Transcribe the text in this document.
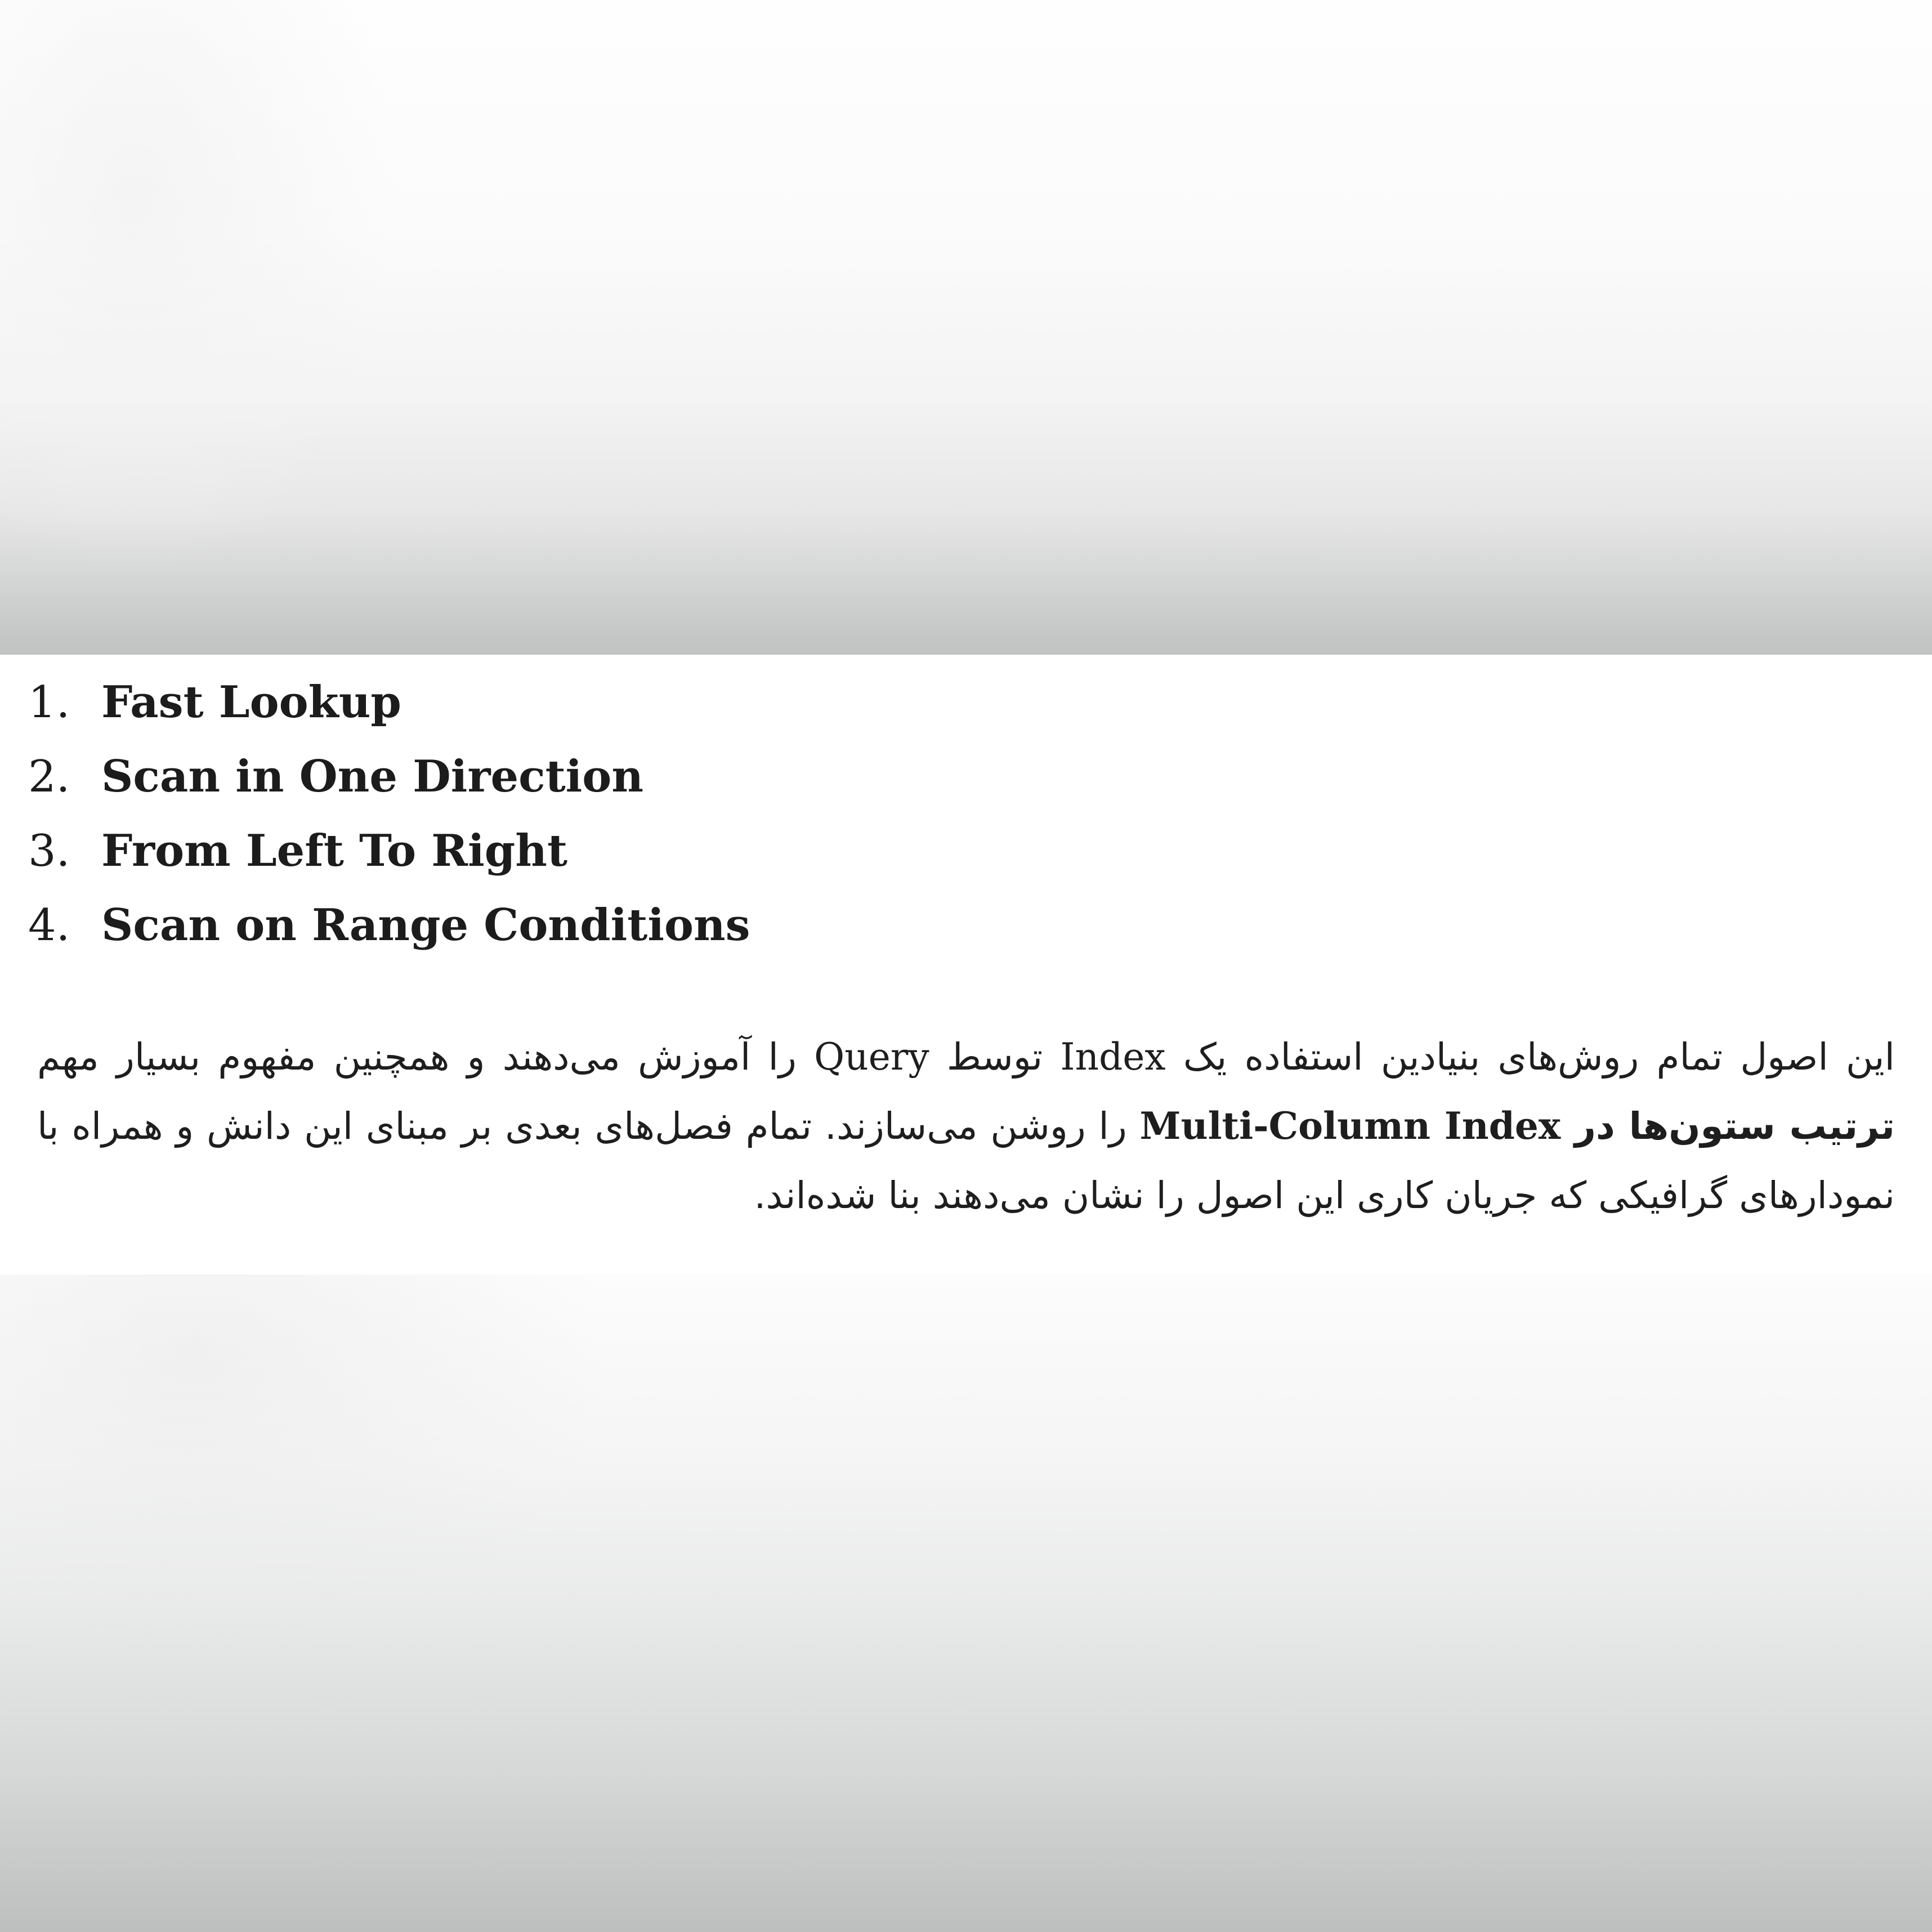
1. Fast Lookup
2. Scan in One Direction
3. From Left To Right
4. Scan on Range Conditions

این اصول تمام روش‌های بنیادین استفاده یک Index توسط Query را آموزش می‌دهند و همچنین مفهوم بسیار مهم ترتیب ستون‌ها در Multi-Column Index را روشن می‌سازند. تمام فصل‌های بعدی بر مبنای این دانش و همراه با نمودارهای گرافیکی که جریان کاری این اصول را نشان می‌دهند بنا شده‌اند.
